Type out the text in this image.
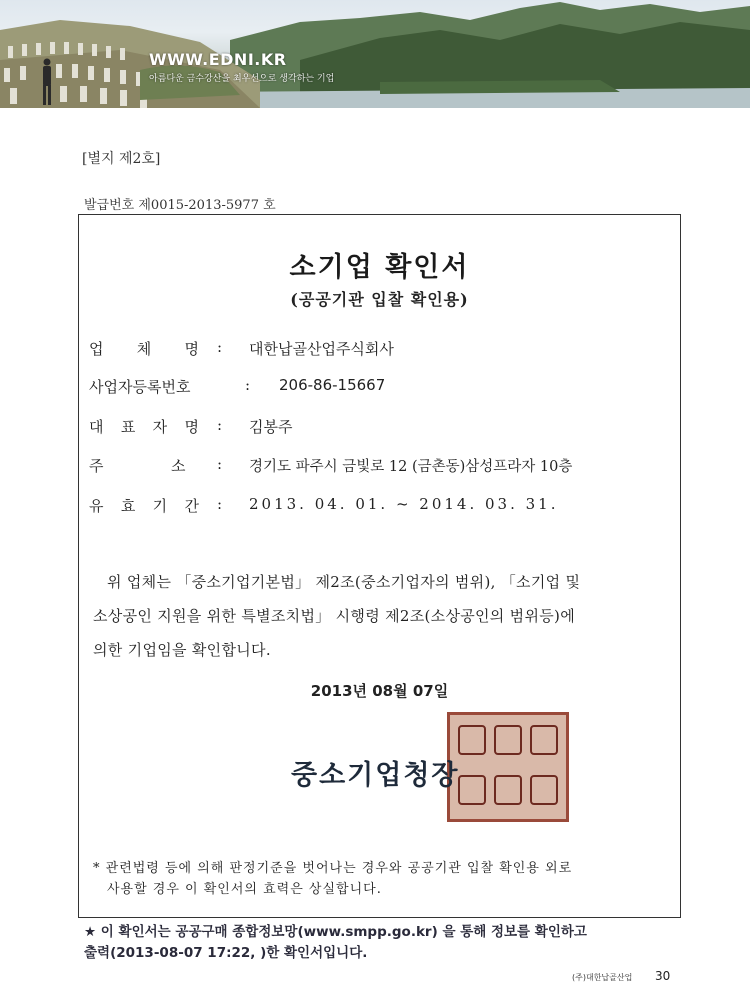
WWW.EDNI.KR
아름다운 금수강산을 최우선으로 생각하는 기업
[별지 제2호]
발급번호 제0015-2013-5977 호
소기업 확인서
(공공기관 입찰 확인용)
업 체 명 : 대한납골산업주식회사
사업자등록번호	: 206-86-15667
대 표 자 명 : 김봉주
주	소 : 경기도 파주시 금빛로 12 (금촌동)삼성프라자 10층
유 효 기 간 : 2013. 04. 01. ~ 2014. 03. 31.
위 업체는 「중소기업기본법」 제2조(중소기업자의 범위), 「소기업 및
소상공인 지원을 위한 특별조치법」 시행령 제2조(소상공인의 범위등)에
의한 기업임을 확인합니다.
2013년 08월 07일
중소기업청장
* 관련법령 등에 의해 판정기준을 벗어나는 경우와 공공기관 입찰 확인용 외로
사용할 경우 이 확인서의 효력은 상실합니다.
★ 이 확인서는 공공구매 종합정보망(www.smpp.go.kr) 을 통해 정보를 확인하고
출력(2013-08-07 17:22, )한 확인서입니다.
(주)대한납골산업 30
